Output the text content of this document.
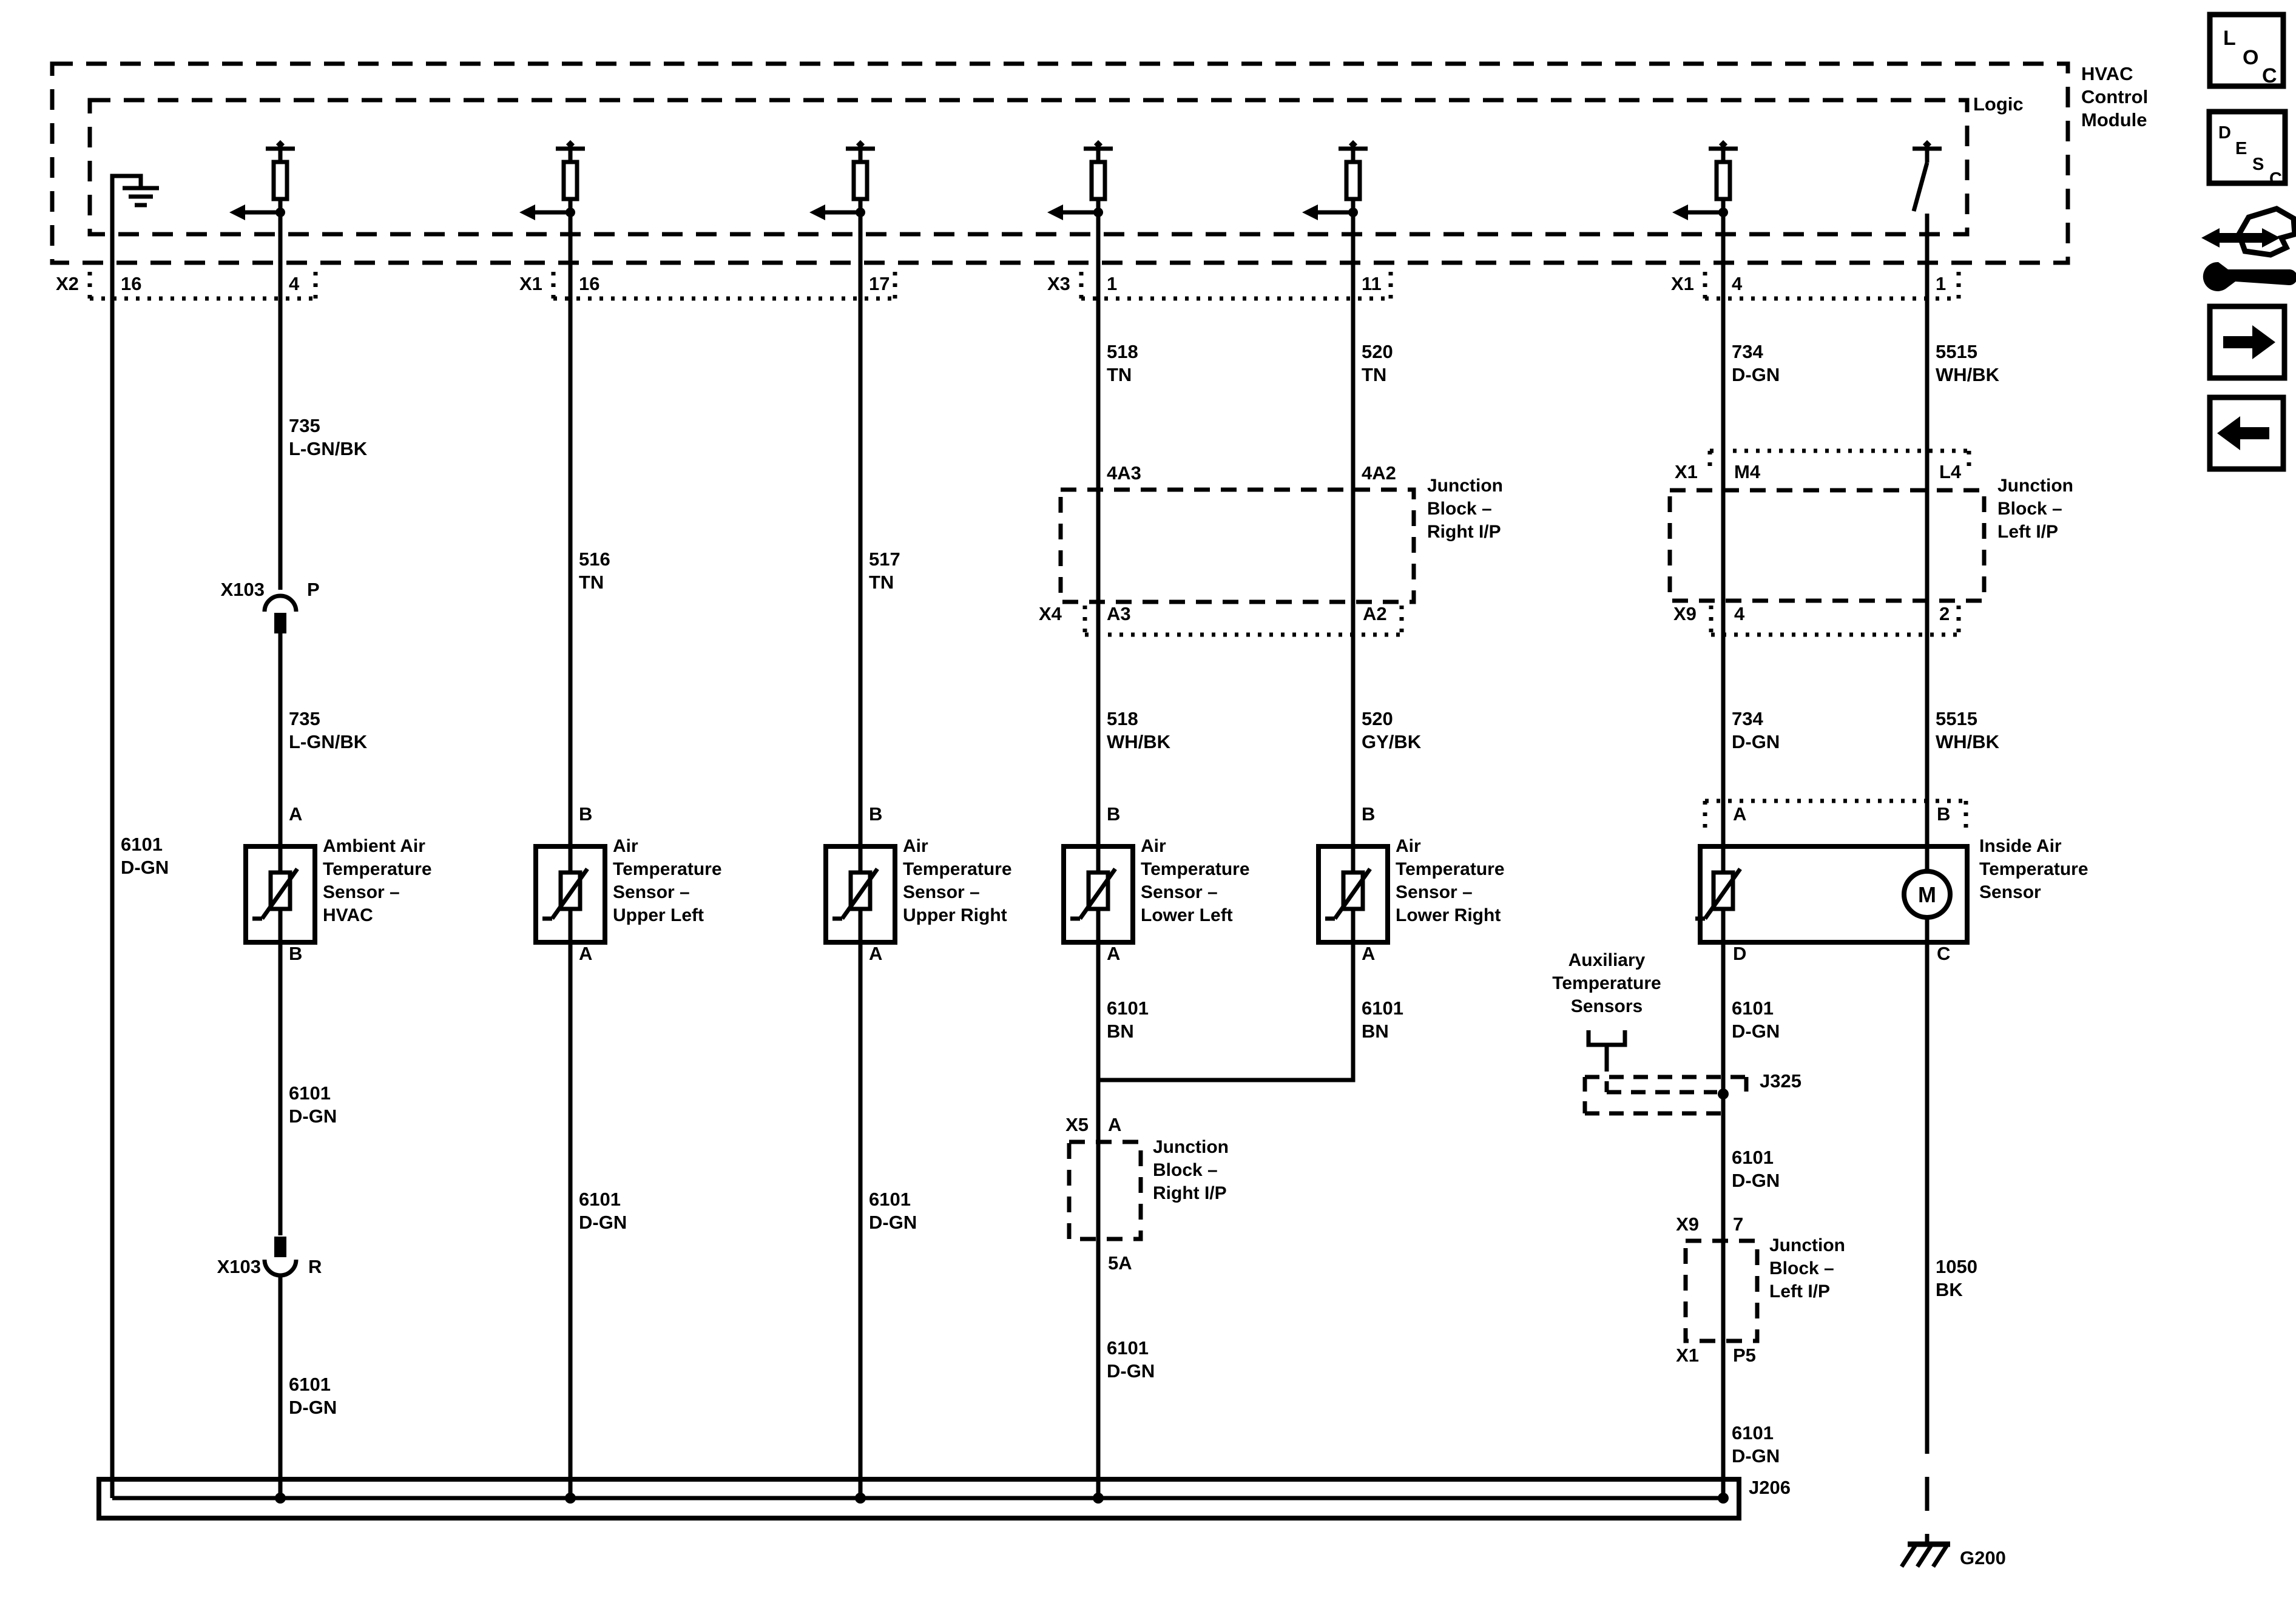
Logic
HVAC
Control
Module
X2 16	4	X1 16	17	X3 1	11	X1 4	1
518
TN
520
TN
734
D-GN
5515
WH/BK
735
L-GN/BK
516
TN
517
TN
735
L-GN/BK
518
WH/BK
520
GY/BK
734
D-GN
5515
WH/BK
6101
D-GN
6101
BN
6101
BN
6101
D-GN
6101
D-GN
6101
D-GN
6101
D-GN
6101
D-GN
1050
BK
6101
D-GN
6101
D-GN
6101
D-GN
4A3	4A2
X4 A3	A2
Junction
Block –
Right I/P
X1 M4	L4
X9 4	2
Junction
Block –
Left I/P
X103 P
X103	R
A
B
Ambient Air
Temperature
Sensor –
HVAC
B
A
Air
Temperature
Sensor –
Upper Left
B
A
Air
Temperature
Sensor –
Upper Right
B
A
Air
Temperature
Sensor –
Lower Left
B
A
Air
Temperature
Sensor –
Lower Right
A	B
M
D	C
Inside Air
Temperature
Sensor
Auxiliary
Temperature
Sensors
J325
X5 A
Junction
Block –
Right I/P
5A
X9 7
Junction
Block –
Left I/P
X1 P5
J206
G200
L
O
C
D
E
S
C
